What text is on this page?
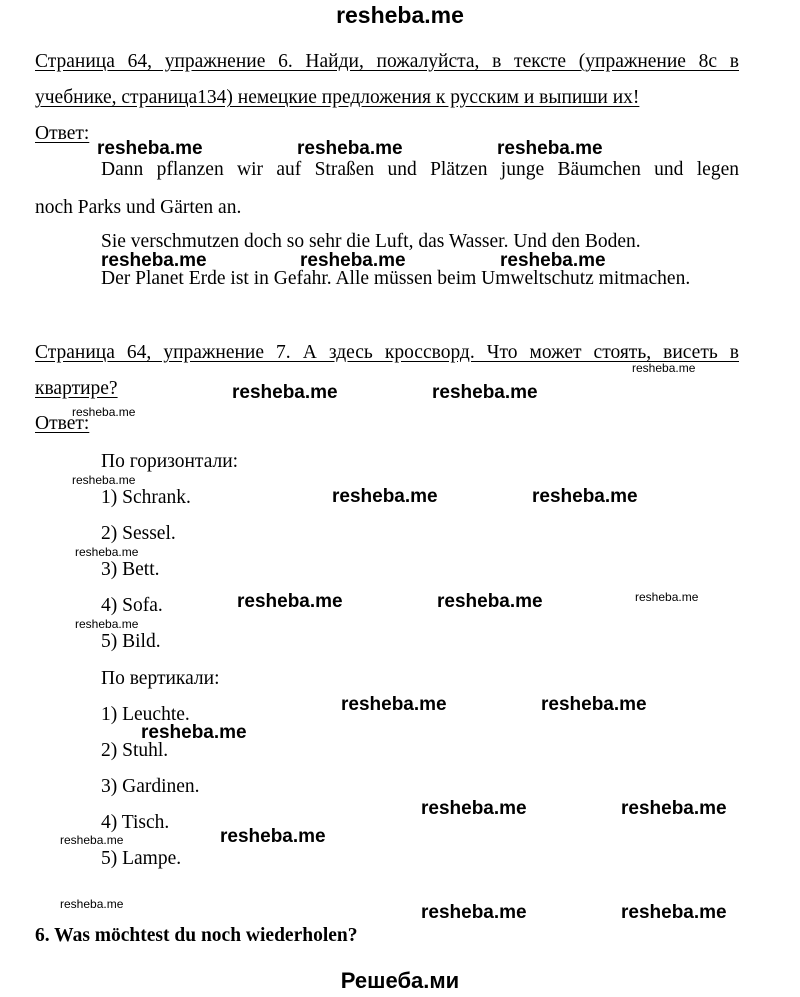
resheba.me
Страница 64, упражнение 6. Найди, пожалуйста, в тексте (упражнение 8с в
учебнике, страница134) немецкие предложения к русским и выпиши их!
Ответ:
Dann pflanzen wir auf Straßen und Plätzen junge Bäumchen und legen
noch Parks und Gärten an.
Sie verschmutzen doch so sehr die Luft, das Wasser. Und den Boden.
Der Planet Erde ist in Gefahr. Alle müssen beim Umweltschutz mitmachen.
Страница 64, упражнение 7. А здесь кроссворд. Что может стоять, висеть в
квартире?
Ответ:
По горизонтали:
1) Schrank.
2) Sessel.
3) Bett.
4) Sofa.
5) Bild.
По вертикали:
1) Leuchte.
2) Stuhl.
3) Gardinen.
4) Tisch.
5) Lampe.
6. Was möchtest du noch wiederholen?
resheba.me	resheba.me	resheba.me
resheba.me	resheba.me	resheba.me
resheba.me	resheba.me
resheba.me	resheba.me
resheba.me	resheba.me
resheba.me	resheba.me
resheba.me
resheba.me	resheba.me
resheba.me
resheba.me	resheba.me
resheba.me
resheba.me
resheba.me
resheba.me
resheba.me
resheba.me
resheba.me
resheba.me
Решеба.ми
